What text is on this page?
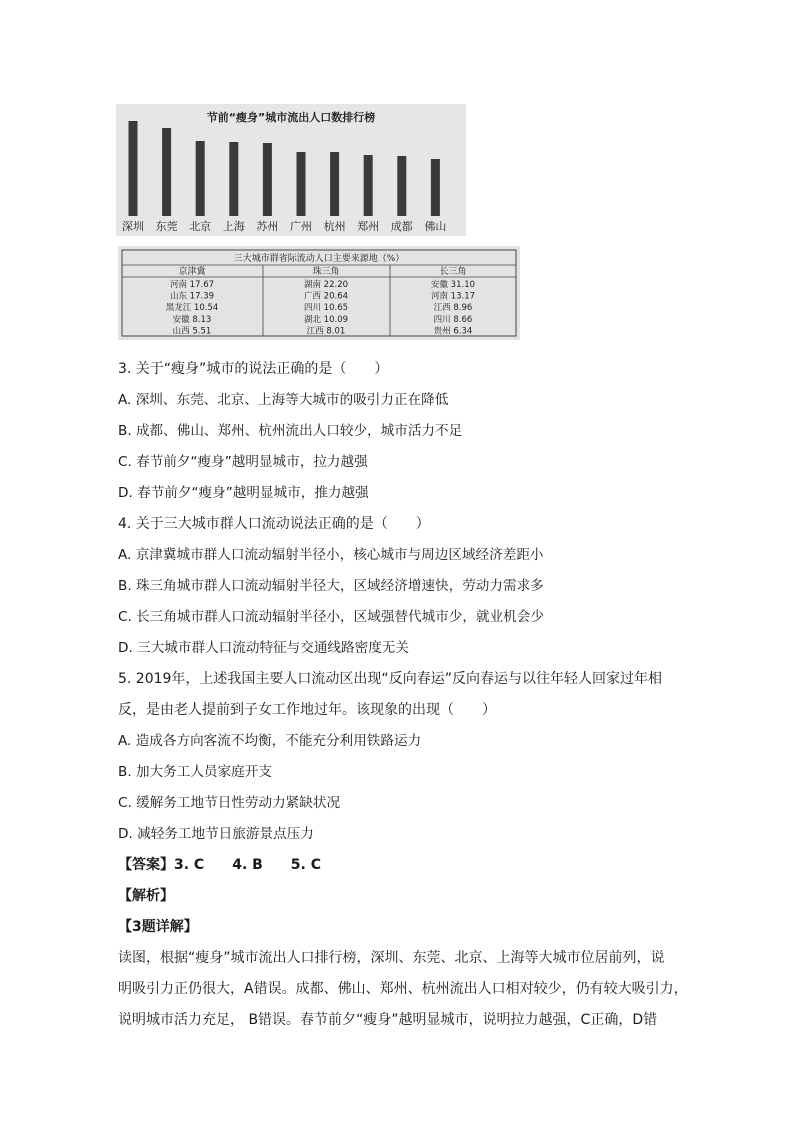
节前“瘦身”城市流出人口数排行榜
深圳 东莞 北京 上海 苏州 广州 杭州 郑州 成都 佛山
三大城市群省际流动人口主要来源地（%）
京津冀	珠三角	长三角
河南 17.67	湖南 22.20	安徽 31.10
山东 17.39	广西 20.64	河南 13.17
黑龙江 10.54	四川 10.65	江西 8.96
安徽 8.13	湖北 10.09	四川 8.66
山西 5.51	江西 8.01	贵州 6.34
3. 关于“瘦身”城市的说法正确的是（　　）
A. 深圳、东莞、北京、上海等大城市的吸引力正在降低
B. 成都、佛山、郑州、杭州流出人口较少，城市活力不足
C. 春节前夕“瘦身”越明显城市，拉力越强
D. 春节前夕“瘦身”越明显城市，推力越强
4. 关于三大城市群人口流动说法正确的是（　　）
A. 京津冀城市群人口流动辐射半径小，核心城市与周边区域经济差距小
B. 珠三角城市群人口流动辐射半径大，区域经济增速快，劳动力需求多
C. 长三角城市群人口流动辐射半径小，区域强替代城市少，就业机会少
D. 三大城市群人口流动特征与交通线路密度无关
5. 2019年，上述我国主要人口流动区出现“反向春运”反向春运与以往年轻人回家过年相
反，是由老人提前到子女工作地过年。该现象的出现（　　）
A. 造成各方向客流不均衡，不能充分利用铁路运力
B. 加大务工人员家庭开支
C. 缓解务工地节日性劳动力紧缺状况
D. 减轻务工地节日旅游景点压力
【答案】3. C　　4. B　　5. C
【解析】
【3题详解】
读图，根据“瘦身”城市流出人口排行榜，深圳、东莞、北京、上海等大城市位居前列，说
明吸引力正仍很大，A错误。成都、佛山、郑州、杭州流出人口相对较少，仍有较大吸引力，
说明城市活力充足， B错误。春节前夕“瘦身”越明显城市，说明拉力越强，C正确，D错
